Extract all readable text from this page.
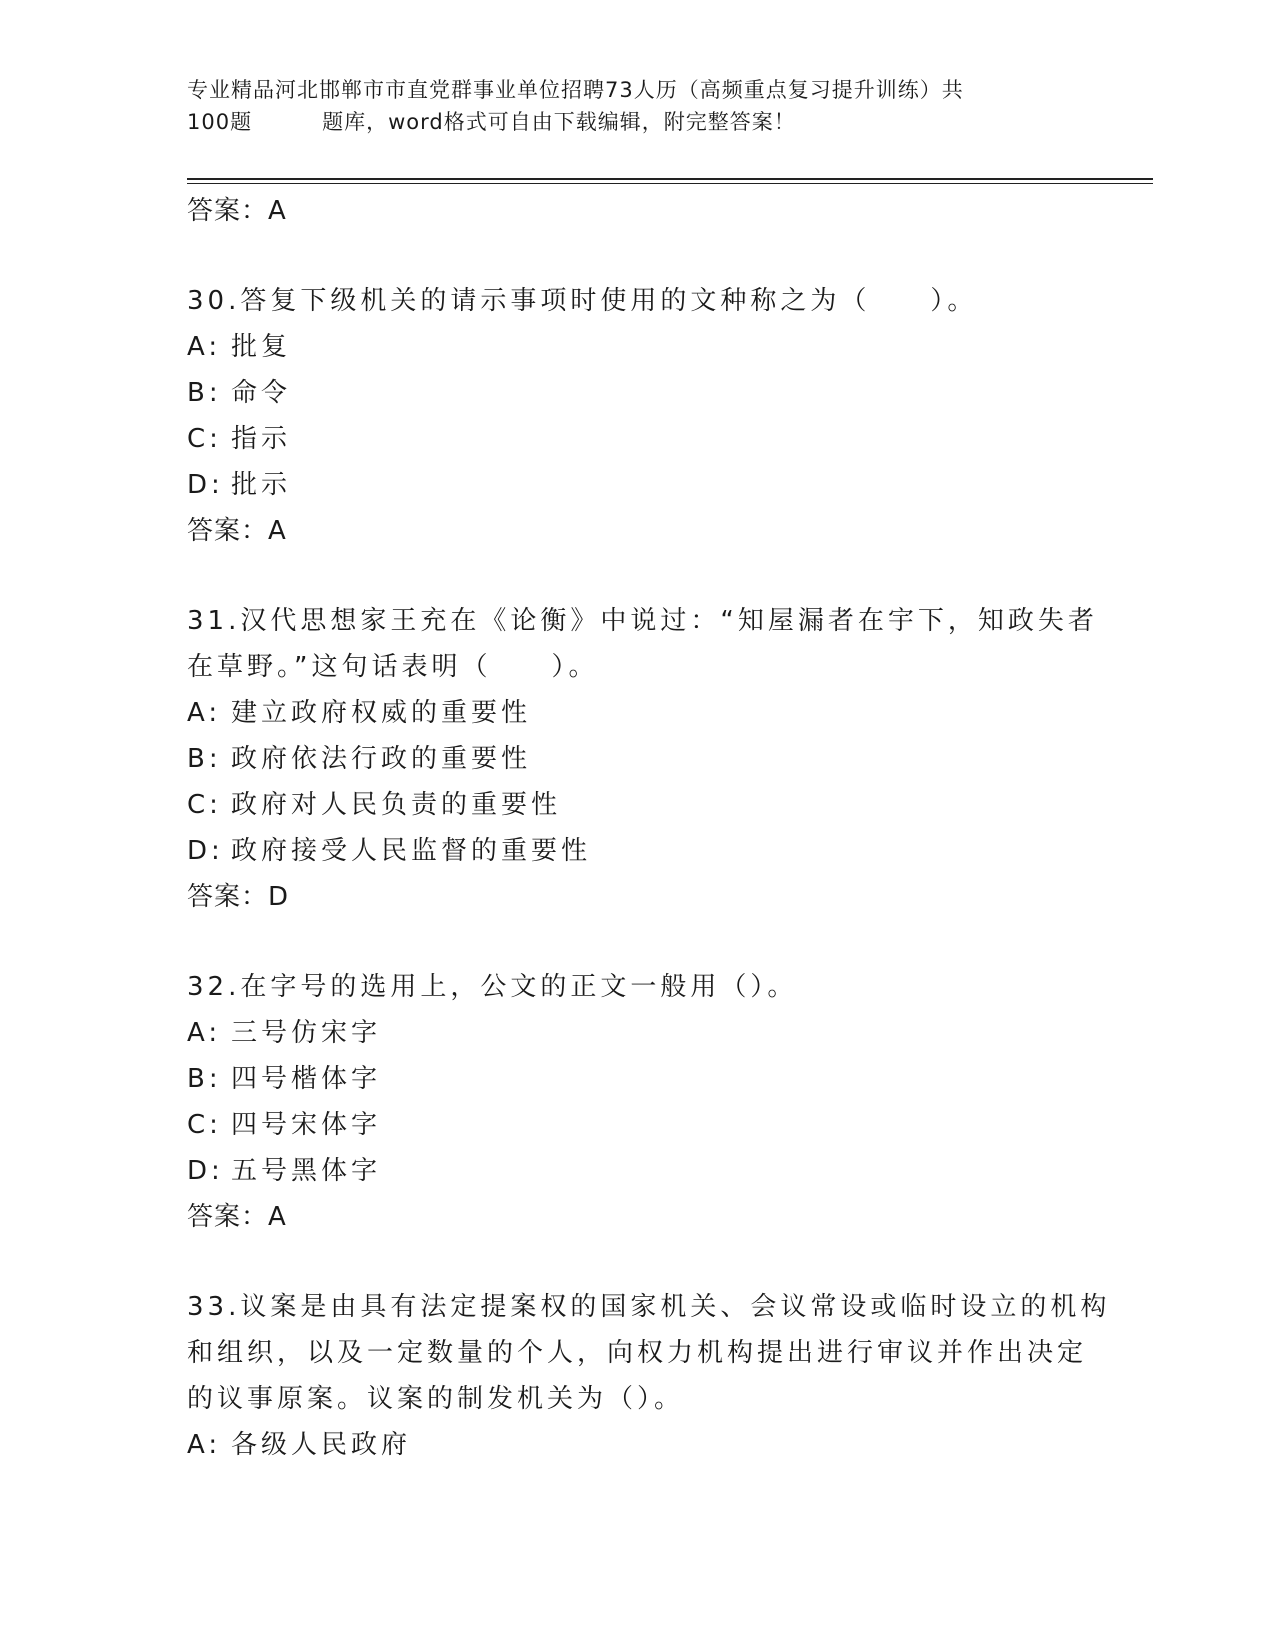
专业精品河北邯郸市市直党群事业单位招聘73人历（高频重点复习提升训练）共
100题	题库，word格式可自由下载编辑，附完整答案！
答案：A
30.答复下级机关的请示事项时使用的文种称之为（　　）。
A: 批复
B: 命令
C: 指示
D: 批示
答案：A
31.汉代思想家王充在《论衡》中说过：“知屋漏者在宇下，知政失者
在草野。”这句话表明（　　）。
A: 建立政府权威的重要性
B: 政府依法行政的重要性
C: 政府对人民负责的重要性
D: 政府接受人民监督的重要性
答案：D
32.在字号的选用上，公文的正文一般用（）。
A: 三号仿宋字
B: 四号楷体字
C: 四号宋体字
D: 五号黑体字
答案：A
33.议案是由具有法定提案权的国家机关、会议常设或临时设立的机构
和组织，以及一定数量的个人，向权力机构提出进行审议并作出决定
的议事原案。议案的制发机关为（）。
A: 各级人民政府
